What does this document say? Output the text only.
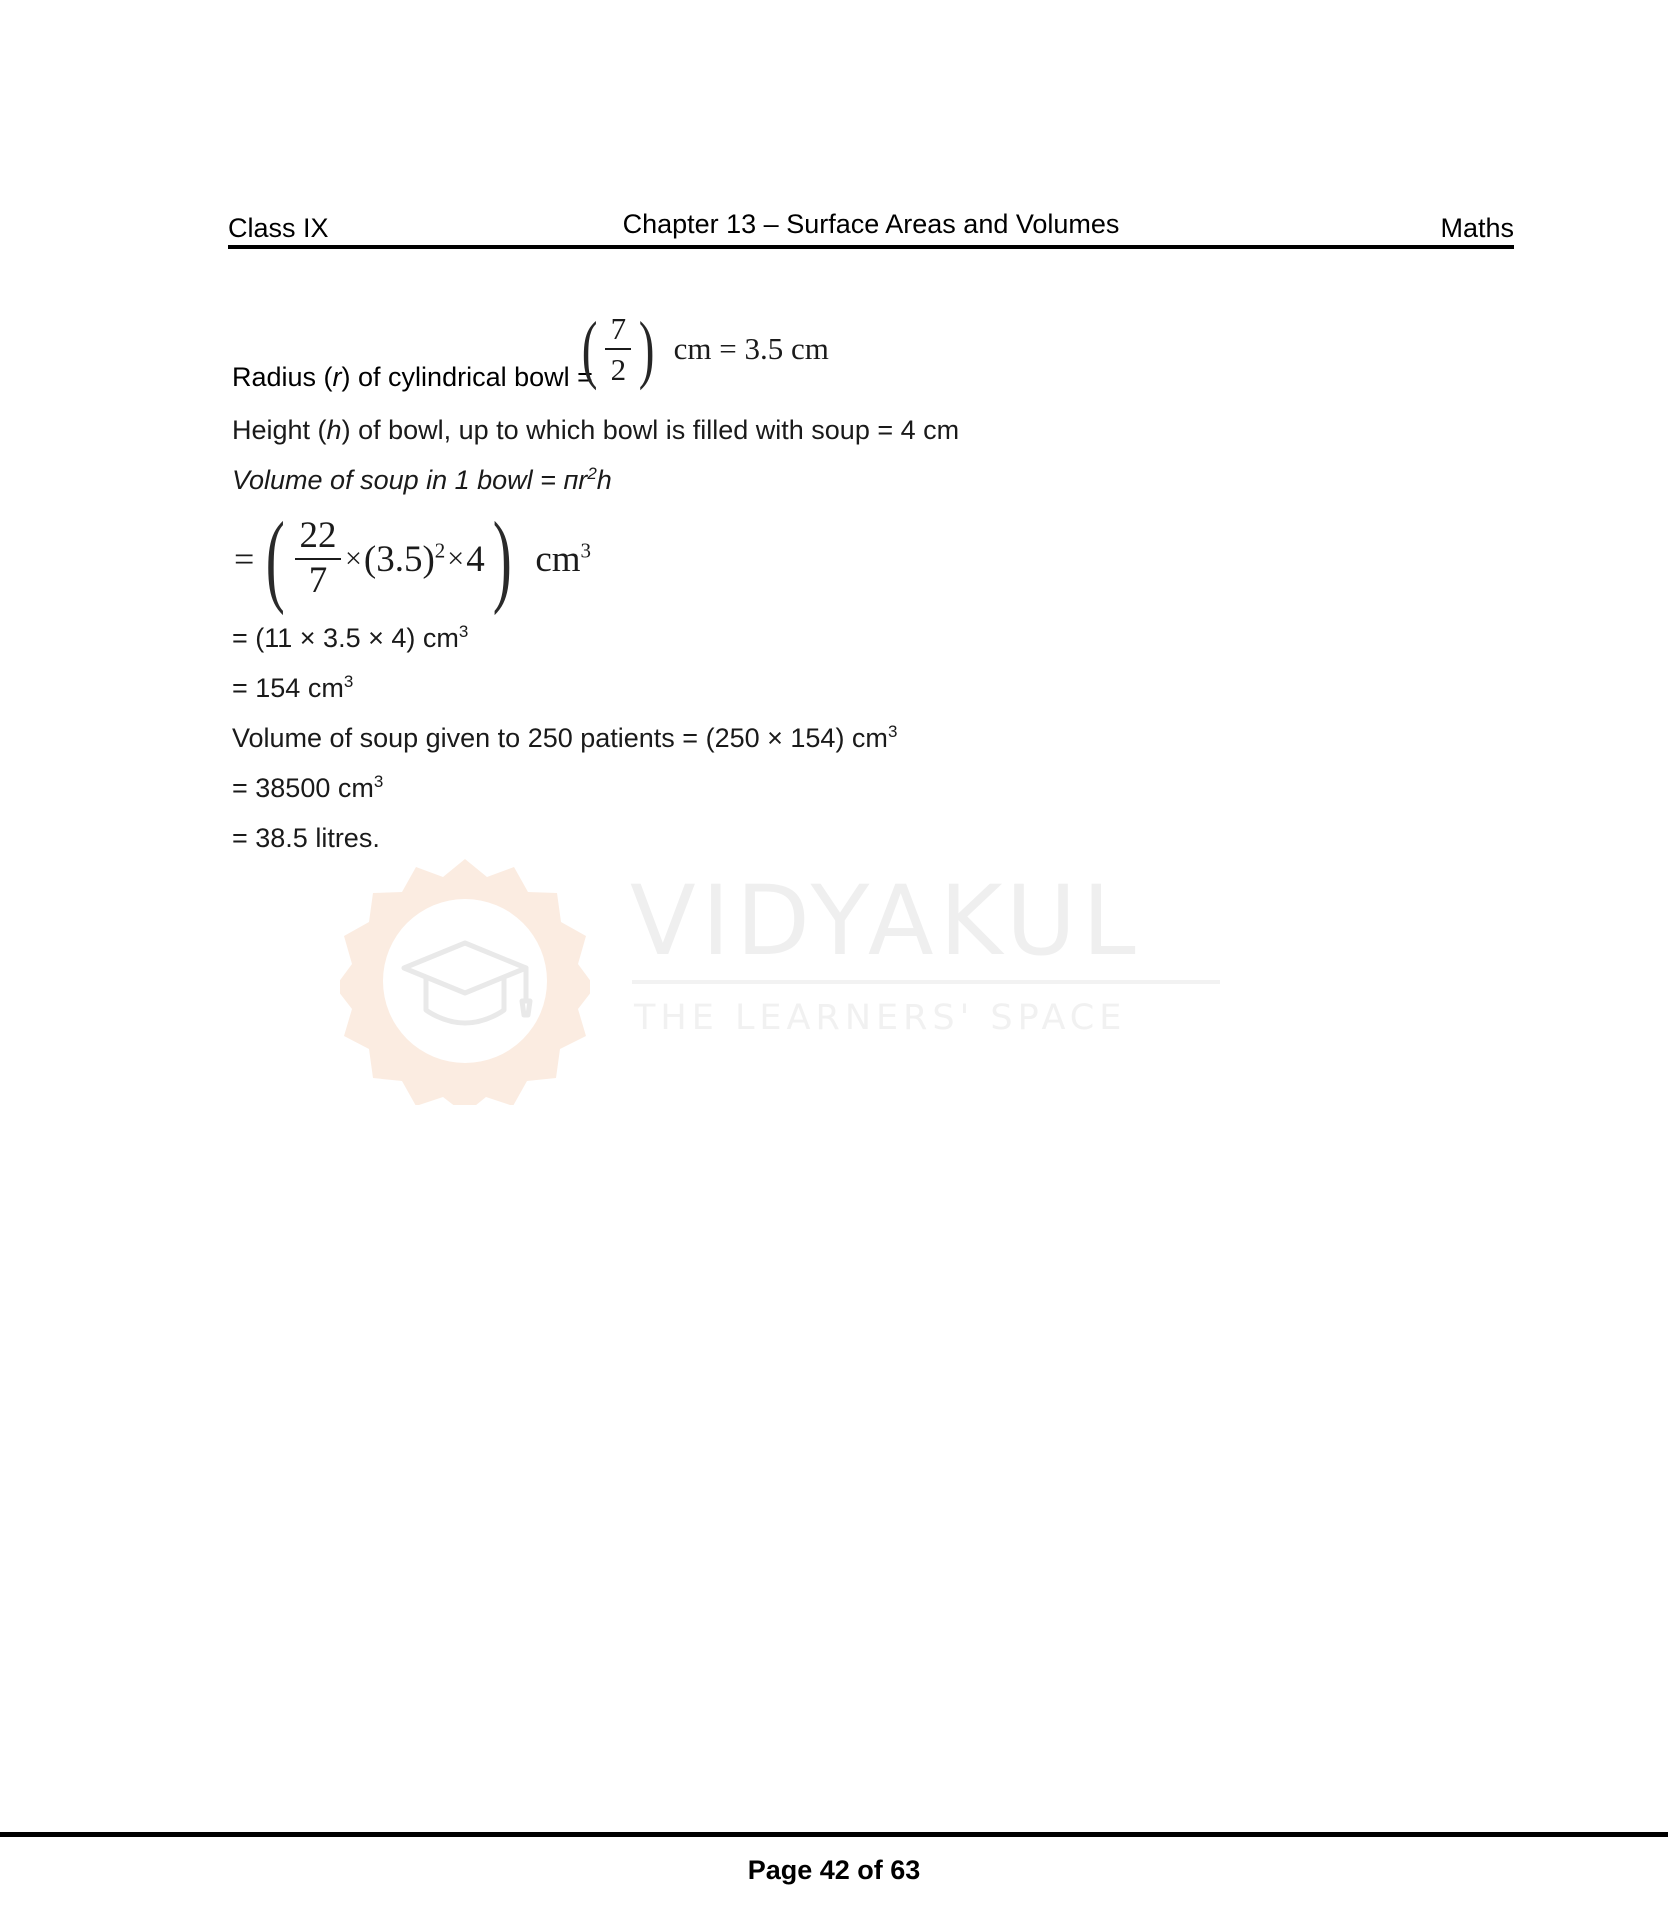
Class IX	Chapter 13 – Surface Areas and Volumes	Maths
Radius (r) of cylindrical bowl =
( $\frac{7}{2}$ ) cm = 3.5 cm
Height (h) of bowl, up to which bowl is filled with soup = 4 cm
Volume of soup in 1 bowl = $пr^2h$
= ( $\frac{22}{7} \times (3.5)^2 \times 4$ ) $cm^3$
= (11 × 3.5 × 4) $cm^3$
= 154 $cm^3$
Volume of soup given to 250 patients = (250 × 154) $cm^3$
= 38500 $cm^3$
= 38.5 litres.
VIDYAKUL
THE LEARNERS' SPACE
Page 42 of 63
